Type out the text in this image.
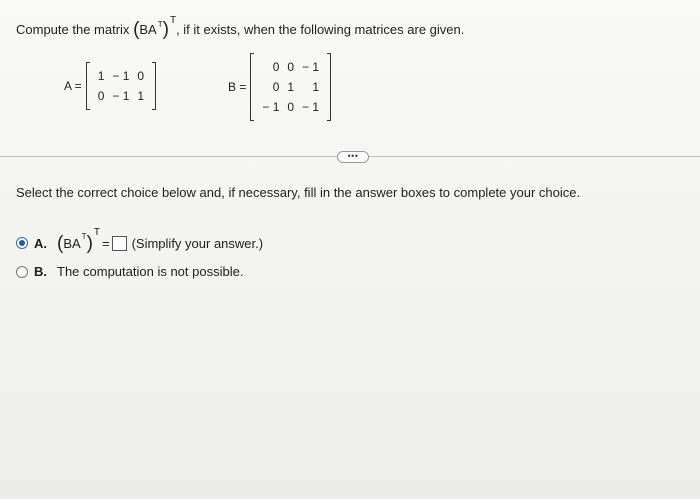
Compute the matrix $(BA^T)^T$, if it exists, when the following matrices are given.
A =
1	− 1	0
0	− 1	1
B =
0	0	− 1
0	1	1
− 1	0	− 1
•••
Select the correct choice below and, if necessary, fill in the answer boxes to complete your choice.
A. ( BA T )
T
= (Simplify your answer.)
B. The computation is not possible.
